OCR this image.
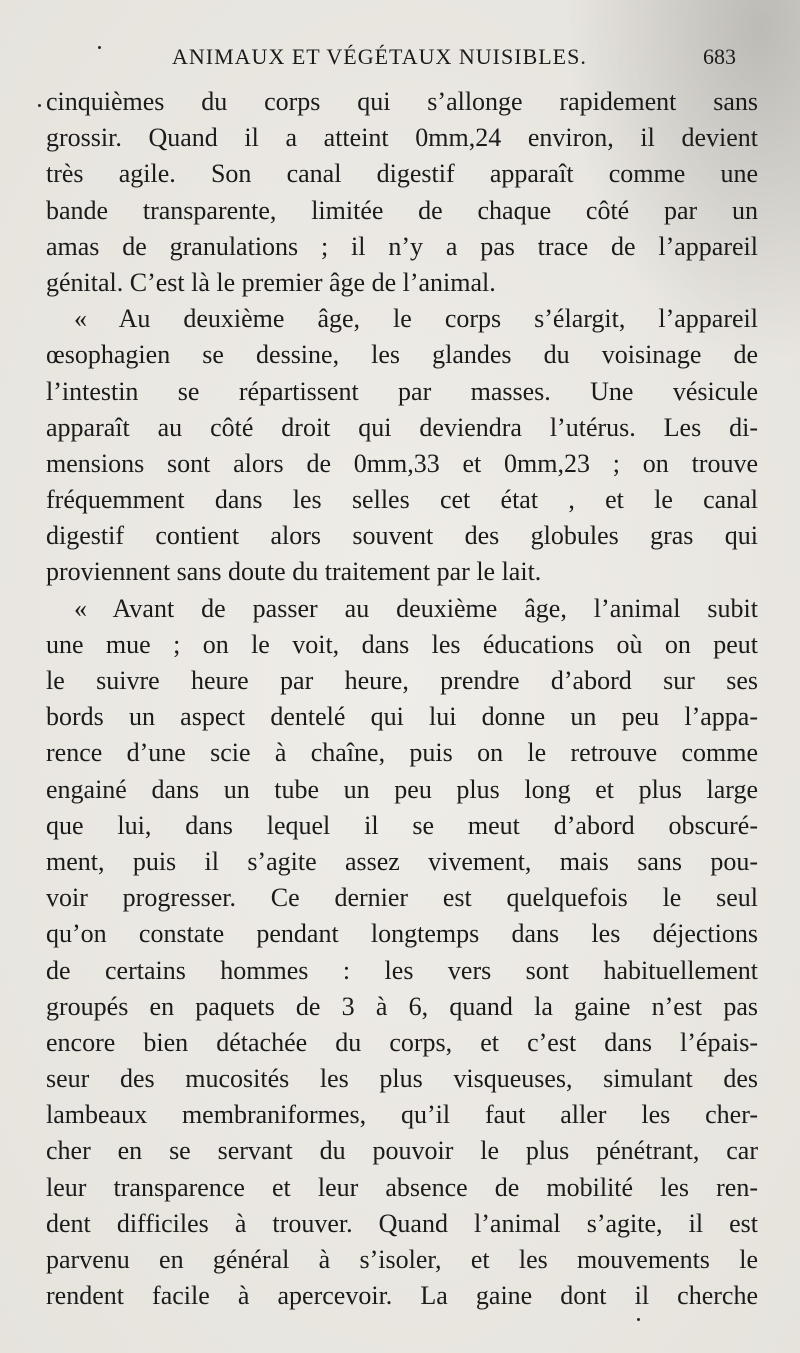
ANIMAUX ET VÉGÉTAUX NUISIBLES.	683
cinquièmes du corps qui s’allonge rapidement sans
grossir. Quand il a atteint 0mm,24 environ, il devient
très agile. Son canal digestif apparaît comme une
bande transparente, limitée de chaque côté par un
amas de granulations ; il n’y a pas trace de l’appareil
génital. C’est là le premier âge de l’animal.
« Au deuxième âge, le corps s’élargit, l’appareil
œsophagien se dessine, les glandes du voisinage de
l’intestin se répartissent par masses. Une vésicule
apparaît au côté droit qui deviendra l’utérus. Les di-
mensions sont alors de 0mm,33 et 0mm,23 ; on trouve
fréquemment dans les selles cet état , et le canal
digestif contient alors souvent des globules gras qui
proviennent sans doute du traitement par le lait.
« Avant de passer au deuxième âge, l’animal subit
une mue ; on le voit, dans les éducations où on peut
le suivre heure par heure, prendre d’abord sur ses
bords un aspect dentelé qui lui donne un peu l’appa-
rence d’une scie à chaîne, puis on le retrouve comme
engainé dans un tube un peu plus long et plus large
que lui, dans lequel il se meut d’abord obscuré-
ment, puis il s’agite assez vivement, mais sans pou-
voir progresser. Ce dernier est quelquefois le seul
qu’on constate pendant longtemps dans les déjections
de certains hommes : les vers sont habituellement
groupés en paquets de 3 à 6, quand la gaine n’est pas
encore bien détachée du corps, et c’est dans l’épais-
seur des mucosités les plus visqueuses, simulant des
lambeaux membraniformes, qu’il faut aller les cher-
cher en se servant du pouvoir le plus pénétrant, car
leur transparence et leur absence de mobilité les ren-
dent difficiles à trouver. Quand l’animal s’agite, il est
parvenu en général à s’isoler, et les mouvements le
rendent facile à apercevoir. La gaine dont il cherche
